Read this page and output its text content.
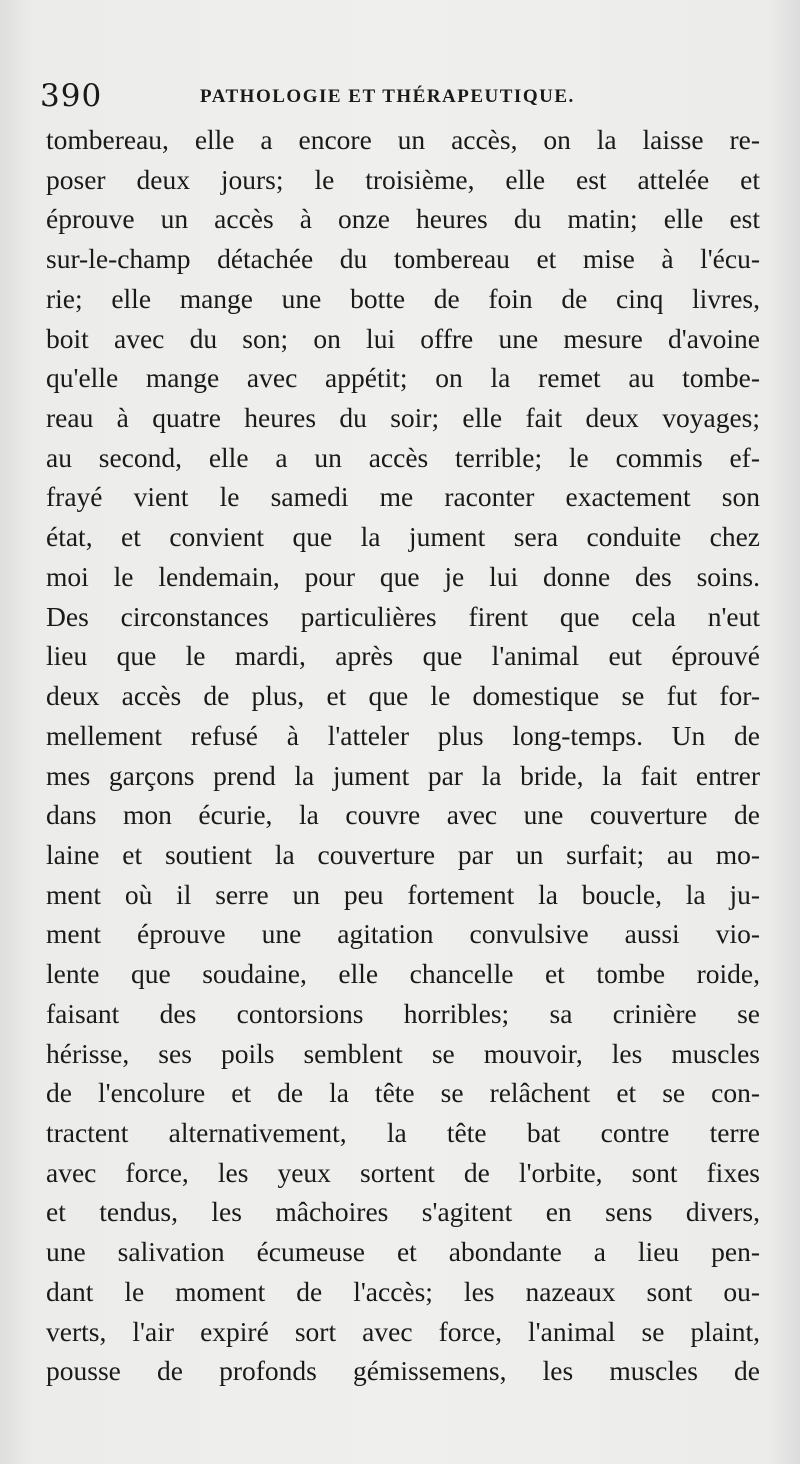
390	PATHOLOGIE ET THÉRAPEUTIQUE.
tombereau, elle a encore un accès, on la laisse re-
poser deux jours; le troisième, elle est attelée et
éprouve un accès à onze heures du matin; elle est
sur-le-champ détachée du tombereau et mise à l'écu-
rie; elle mange une botte de foin de cinq livres,
boit avec du son; on lui offre une mesure d'avoine
qu'elle mange avec appétit; on la remet au tombe-
reau à quatre heures du soir; elle fait deux voyages;
au second, elle a un accès terrible; le commis ef-
frayé vient le samedi me raconter exactement son
état, et convient que la jument sera conduite chez
moi le lendemain, pour que je lui donne des soins.
Des circonstances particulières firent que cela n'eut
lieu que le mardi, après que l'animal eut éprouvé
deux accès de plus, et que le domestique se fut for-
mellement refusé à l'atteler plus long-temps. Un de
mes garçons prend la jument par la bride, la fait entrer
dans mon écurie, la couvre avec une couverture de
laine et soutient la couverture par un surfait; au mo-
ment où il serre un peu fortement la boucle, la ju-
ment éprouve une agitation convulsive aussi vio-
lente que soudaine, elle chancelle et tombe roide,
faisant des contorsions horribles; sa crinière se
hérisse, ses poils semblent se mouvoir, les muscles
de l'encolure et de la tête se relâchent et se con-
tractent alternativement, la tête bat contre terre
avec force, les yeux sortent de l'orbite, sont fixes
et tendus, les mâchoires s'agitent en sens divers,
une salivation écumeuse et abondante a lieu pen-
dant le moment de l'accès; les nazeaux sont ou-
verts, l'air expiré sort avec force, l'animal se plaint,
pousse de profonds gémissemens, les muscles de
